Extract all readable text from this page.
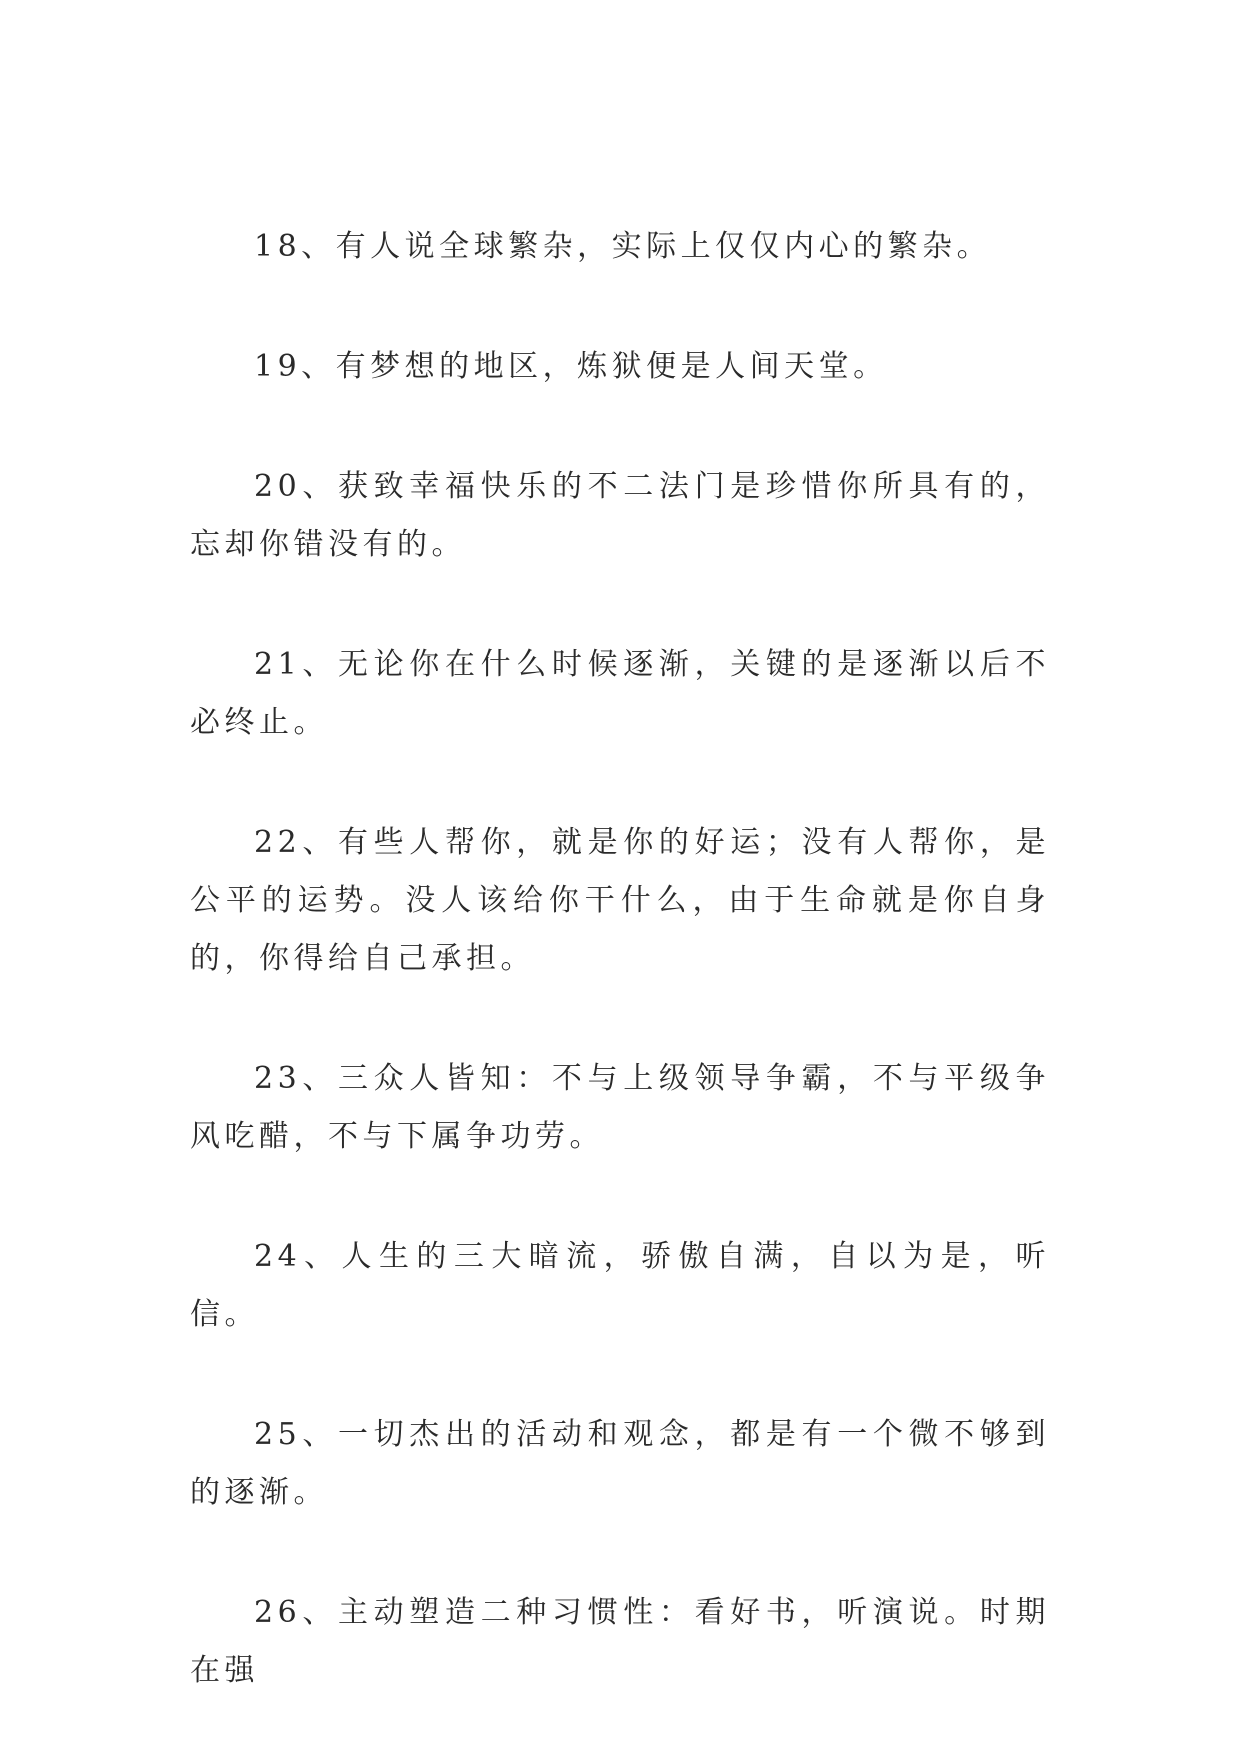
18、有人说全球繁杂，实际上仅仅内心的繁杂。

19、有梦想的地区，炼狱便是人间天堂。

20、获致幸福快乐的不二法门是珍惜你所具有的，忘却你错没有的。

21、无论你在什么时候逐渐，关键的是逐渐以后不必终止。

22、有些人帮你，就是你的好运；没有人帮你，是公平的运势。没人该给你干什么，由于生命就是你自身的，你得给自己承担。

23、三众人皆知：不与上级领导争霸，不与平级争风吃醋，不与下属争功劳。

24、人生的三大暗流，骄傲自满，自以为是，听信。

25、一切杰出的活动和观念，都是有一个微不够到的逐渐。

26、主动塑造二种习惯性：看好书，听演说。时期在强
